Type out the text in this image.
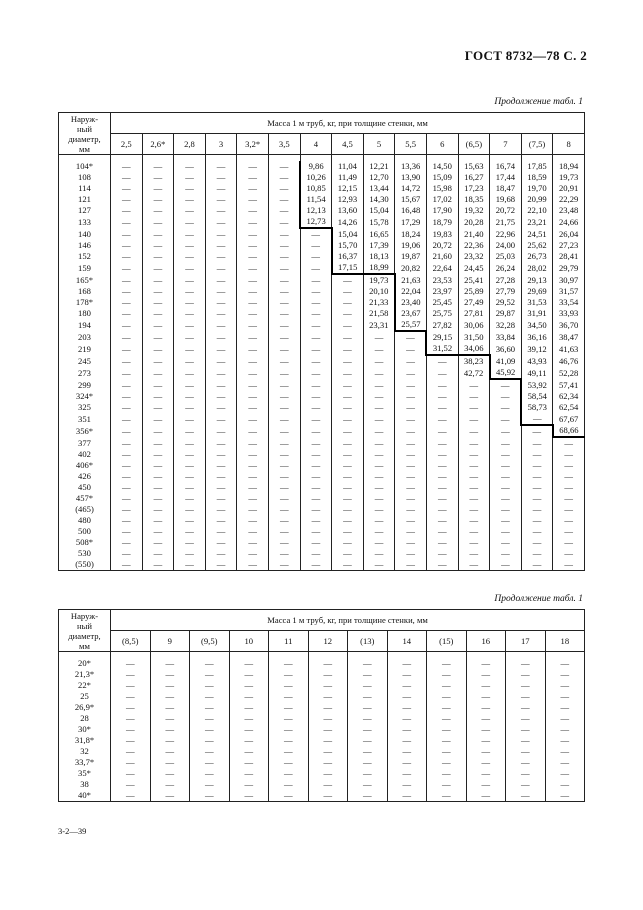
ГОСТ 8732—78 С. 2
Продолжение табл. 1
Наруж-
ный
диаметр,
мм	Масса 1 м труб, кг, при толщине стенки, мм														
	2,5	2,6*	2,8	3	3,2*	3,5	4	4,5	5	5,5	6	(6,5)	7	(7,5)	8

104*	—	—	—	—	—	—	9,86	11,04	12,21	13,36	14,50	15,63	16,74	17,85	18,94
108	—	—	—	—	—	—	10,26	11,49	12,70	13,90	15,09	16,27	17,44	18,59	19,73
114	—	—	—	—	—	—	10,85	12,15	13,44	14,72	15,98	17,23	18,47	19,70	20,91
121	—	—	—	—	—	—	11,54	12,93	14,30	15,67	17,02	18,35	19,68	20,99	22,29
127	—	—	—	—	—	—	12,13	13,60	15,04	16,48	17,90	19,32	20,72	22,10	23,48
133	—	—	—	—	—	—	12,73	14,26	15,78	17,29	18,79	20,28	21,75	23,21	24,66
140	—	—	—	—	—	—	—	15,04	16,65	18,24	19,83	21,40	22,96	24,51	26,04
146	—	—	—	—	—	—	—	15,70	17,39	19,06	20,72	22,36	24,00	25,62	27,23
152	—	—	—	—	—	—	—	16,37	18,13	19,87	21,60	23,32	25,03	26,73	28,41
159	—	—	—	—	—	—	—	17,15	18,99	20,82	22,64	24,45	26,24	28,02	29,79
165*	—	—	—	—	—	—	—	—	19,73	21,63	23,53	25,41	27,28	29,13	30,97
168	—	—	—	—	—	—	—	—	20,10	22,04	23,97	25,89	27,79	29,69	31,57
178*	—	—	—	—	—	—	—	—	21,33	23,40	25,45	27,49	29,52	31,53	33,54
180	—	—	—	—	—	—	—	—	21,58	23,67	25,75	27,81	29,87	31,91	33,93
194	—	—	—	—	—	—	—	—	23,31	25,57	27,82	30,06	32,28	34,50	36,70
203	—	—	—	—	—	—	—	—	—	—	29,15	31,50	33,84	36,16	38,47
219	—	—	—	—	—	—	—	—	—	—	31,52	34,06	36,60	39,12	41,63
245	—	—	—	—	—	—	—	—	—	—	—	38,23	41,09	43,93	46,76
273	—	—	—	—	—	—	—	—	—	—	—	42,72	45,92	49,11	52,28
299	—	—	—	—	—	—	—	—	—	—	—	—	—	53,92	57,41
324*	—	—	—	—	—	—	—	—	—	—	—	—	—	58,54	62,34
325	—	—	—	—	—	—	—	—	—	—	—	—	—	58,73	62,54
351	—	—	—	—	—	—	—	—	—	—	—	—	—	—	67,67
356*	—	—	—	—	—	—	—	—	—	—	—	—	—	—	68,66
377	—	—	—	—	—	—	—	—	—	—	—	—	—	—	—
402	—	—	—	—	—	—	—	—	—	—	—	—	—	—	—
406*	—	—	—	—	—	—	—	—	—	—	—	—	—	—	—
426	—	—	—	—	—	—	—	—	—	—	—	—	—	—	—
450	—	—	—	—	—	—	—	—	—	—	—	—	—	—	—
457*	—	—	—	—	—	—	—	—	—	—	—	—	—	—	—
(465)	—	—	—	—	—	—	—	—	—	—	—	—	—	—	—
480	—	—	—	—	—	—	—	—	—	—	—	—	—	—	—
500	—	—	—	—	—	—	—	—	—	—	—	—	—	—	—
508*	—	—	—	—	—	—	—	—	—	—	—	—	—	—	—
530	—	—	—	—	—	—	—	—	—	—	—	—	—	—	—
(550)	—	—	—	—	—	—	—	—	—	—	—	—	—	—	—
Продолжение табл. 1
Наруж-
ный
диаметр,
мм	Масса 1 м труб, кг, при толщине стенки, мм											
	(8,5)	9	(9,5)	10	11	12	(13)	14	(15)	16	17	18

20*	—	—	—	—	—	—	—	—	—	—	—	—
21,3*	—	—	—	—	—	—	—	—	—	—	—	—
22*	—	—	—	—	—	—	—	—	—	—	—	—
25	—	—	—	—	—	—	—	—	—	—	—	—
26,9*	—	—	—	—	—	—	—	—	—	—	—	—
28	—	—	—	—	—	—	—	—	—	—	—	—
30*	—	—	—	—	—	—	—	—	—	—	—	—
31,8*	—	—	—	—	—	—	—	—	—	—	—	—
32	—	—	—	—	—	—	—	—	—	—	—	—
33,7*	—	—	—	—	—	—	—	—	—	—	—	—
35*	—	—	—	—	—	—	—	—	—	—	—	—
38	—	—	—	—	—	—	—	—	—	—	—	—
40*	—	—	—	—	—	—	—	—	—	—	—	—
3-2—39
